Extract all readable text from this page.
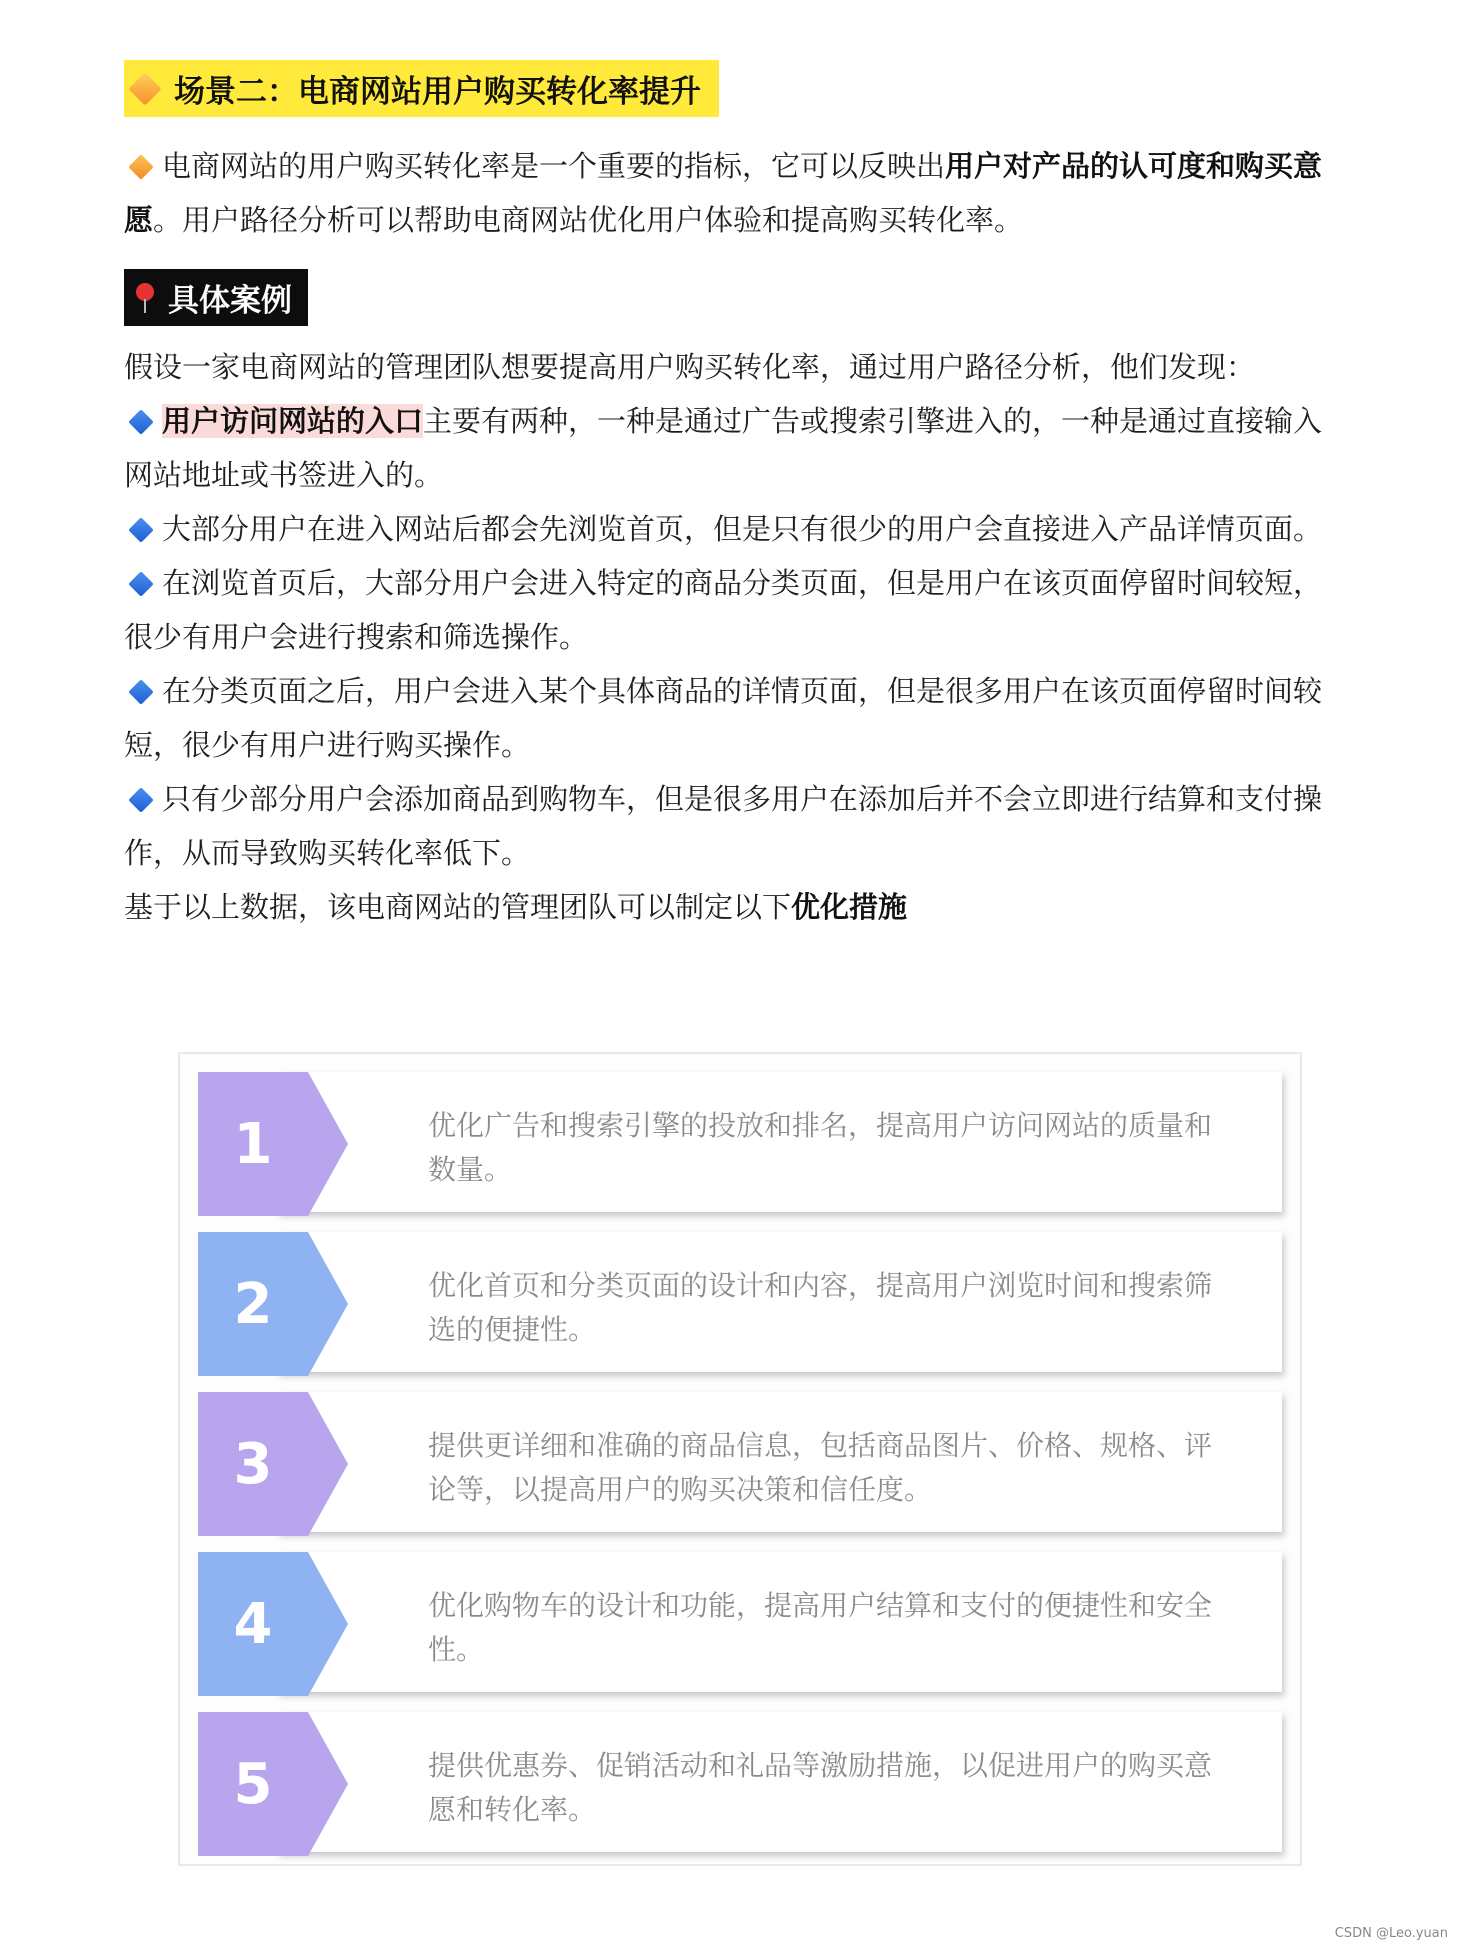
场景二：电商网站用户购买转化率提升

电商网站的用户购买转化率是一个重要的指标，它可以反映出用户对产品的认可度和购买意愿。用户路径分析可以帮助电商网站优化用户体验和提高购买转化率。

具体案例

假设一家电商网站的管理团队想要提高用户购买转化率，通过用户路径分析，他们发现：

用户访问网站的入口主要有两种，一种是通过广告或搜索引擎进入的，一种是通过直接输入网站地址或书签进入的。

大部分用户在进入网站后都会先浏览首页，但是只有很少的用户会直接进入产品详情页面。

在浏览首页后，大部分用户会进入特定的商品分类页面，但是用户在该页面停留时间较短，很少有用户会进行搜索和筛选操作。

在分类页面之后，用户会进入某个具体商品的详情页面，但是很多用户在该页面停留时间较短，很少有用户进行购买操作。

只有少部分用户会添加商品到购物车，但是很多用户在添加后并不会立即进行结算和支付操作，从而导致购买转化率低下。

基于以上数据，该电商网站的管理团队可以制定以下优化措施

1	优化广告和搜索引擎的投放和排名，提高用户访问网站的质量和数量。
2	优化首页和分类页面的设计和内容，提高用户浏览时间和搜索筛选的便捷性。
3	提供更详细和准确的商品信息，包括商品图片、价格、规格、评论等，以提高用户的购买决策和信任度。
4	优化购物车的设计和功能，提高用户结算和支付的便捷性和安全性。
5	提供优惠券、促销活动和礼品等激励措施，以促进用户的购买意愿和转化率。
CSDN @Leo.yuan
